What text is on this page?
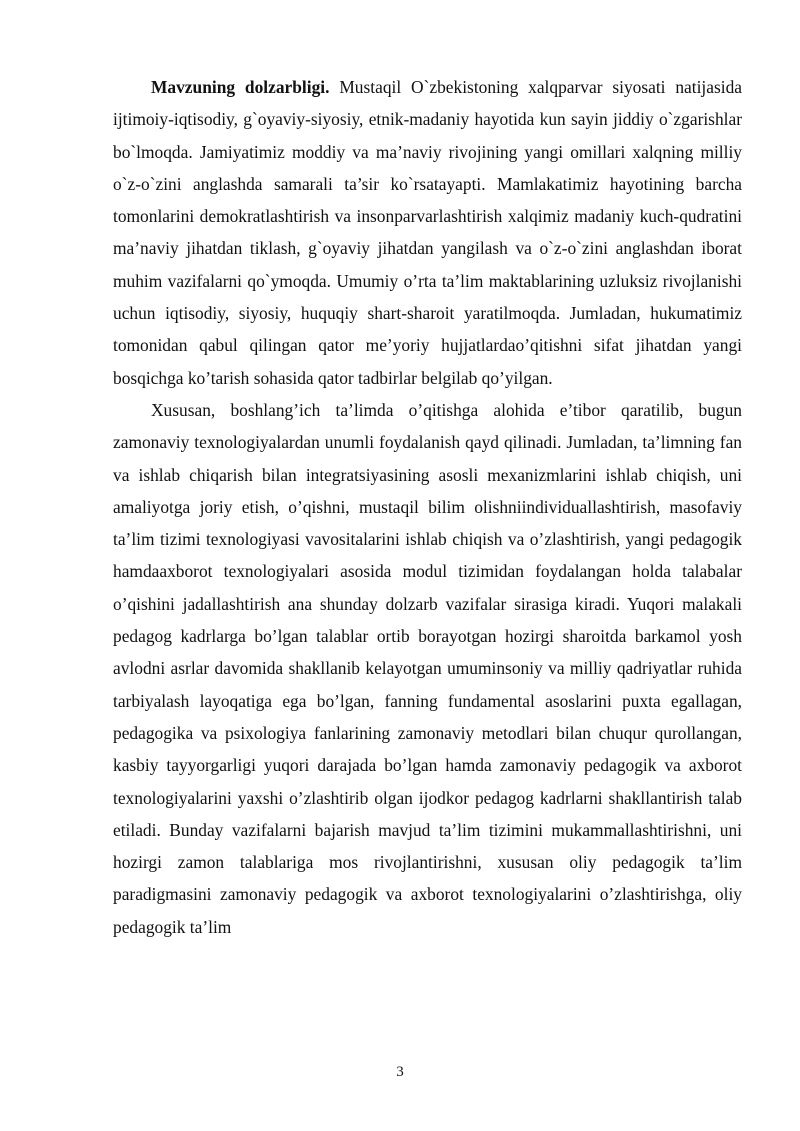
Mavzuning dolzarbligi. Mustaqil O`zbekistoning xalqparvar siyosati natijasida ijtimoiy-iqtisodiy, g`oyaviy-siyosiy, etnik-madaniy hayotida kun sayin jiddiy o`zgarishlar bo`lmoqda. Jamiyatimiz moddiy va ma’naviy rivojining yangi omillari xalqning milliy o`z-o`zini anglashda samarali ta’sir ko`rsatayapti. Mamlakatimiz hayotining barcha tomonlarini demokratlashtirish va insonparvarlashtirish xalqimiz madaniy kuch-qudratini ma’naviy jihatdan tiklash, g`oyaviy jihatdan yangilash va o`z-o`zini anglashdan iborat muhim vazifalarni qo`ymoqda. Umumiy o’rta ta’lim maktablarining uzluksiz rivojlanishi uchun iqtisodiy, siyosiy, huquqiy shart-sharoit yaratilmoqda. Jumladan, hukumatimiz tomonidan qabul qilingan qator me’yoriy hujjatlardao’qitishni sifat jihatdan yangi bosqichga ko’tarish sohasida qator tadbirlar belgilab qo’yilgan.

Xususan, boshlang’ich ta’limda o’qitishga alohida e’tibor qaratilib, bugun zamonaviy texnologiyalardan unumli foydalanish qayd qilinadi. Jumladan, ta’limning fan va ishlab chiqarish bilan integratsiyasining asosli mexanizmlarini ishlab chiqish, uni amaliyotga joriy etish, o’qishni, mustaqil bilim olishniindividuallashtirish, masofaviy ta’lim tizimi texnologiyasi vavositalarini ishlab chiqish va o’zlashtirish, yangi pedagogik hamdaaxborot texnologiyalari asosida modul tizimidan foydalangan holda talabalar o’qishini jadallashtirish ana shunday dolzarb vazifalar sirasiga kiradi. Yuqori malakali pedagog kadrlarga bo’lgan talablar ortib borayotgan hozirgi sharoitda barkamol yosh avlodni asrlar davomida shakllanib kelayotgan umuminsoniy va milliy qadriyatlar ruhida tarbiyalash layoqatiga ega bo’lgan, fanning fundamental asoslarini puxta egallagan, pedagogika va psixologiya fanlarining zamonaviy metodlari bilan chuqur qurollangan, kasbiy tayyorgarligi yuqori darajada bo’lgan hamda zamonaviy pedagogik va axborot texnologiyalarini yaxshi o’zlashtirib olgan ijodkor pedagog kadrlarni shakllantirish talab etiladi. Bunday vazifalarni bajarish mavjud ta’lim tizimini mukammallashtirishni, uni hozirgi zamon talablariga mos rivojlantirishni, xususan oliy pedagogik ta’lim paradigmasini zamonaviy pedagogik va axborot texnologiyalarini o’zlashtirishga, oliy pedagogik ta’lim

3
